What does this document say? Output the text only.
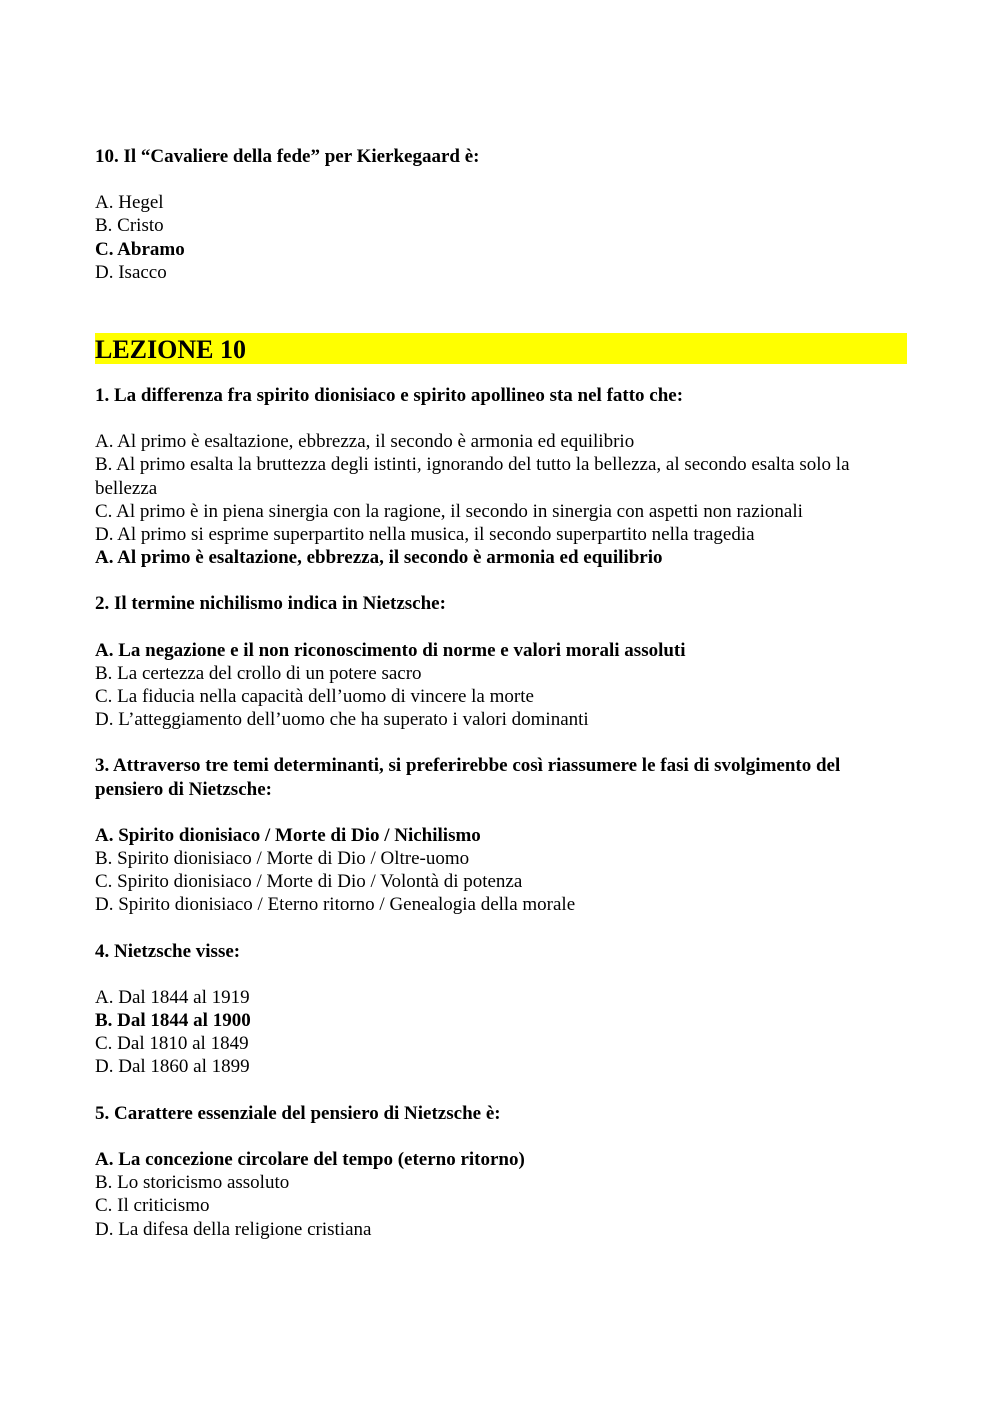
10. Il “Cavaliere della fede” per Kierkegaard è:
A. Hegel
B. Cristo
C. Abramo
D. Isacco
LEZIONE 10
1. La differenza fra spirito dionisiaco e spirito apollineo sta nel fatto che:
A. Al primo è esaltazione, ebbrezza, il secondo è armonia ed equilibrio
B. Al primo esalta la bruttezza degli istinti, ignorando del tutto la bellezza, al secondo esalta solo la bellezza
C. Al primo è in piena sinergia con la ragione, il secondo in sinergia con aspetti non razionali
D. Al primo si esprime superpartito nella musica, il secondo superpartito nella tragedia
A. Al primo è esaltazione, ebbrezza, il secondo è armonia ed equilibrio
2. Il termine nichilismo indica in Nietzsche:
A. La negazione e il non riconoscimento di norme e valori morali assoluti
B. La certezza del crollo di un potere sacro
C. La fiducia nella capacità dell’uomo di vincere la morte
D. L’atteggiamento dell’uomo che ha superato i valori dominanti
3. Attraverso tre temi determinanti, si preferirebbe così riassumere le fasi di svolgimento del pensiero di Nietzsche:
A. Spirito dionisiaco / Morte di Dio / Nichilismo
B. Spirito dionisiaco / Morte di Dio / Oltre-uomo
C. Spirito dionisiaco / Morte di Dio / Volontà di potenza
D. Spirito dionisiaco / Eterno ritorno / Genealogia della morale
4. Nietzsche visse:
A. Dal 1844 al 1919
B. Dal 1844 al 1900
C. Dal 1810 al 1849
D. Dal 1860 al 1899
5. Carattere essenziale del pensiero di Nietzsche è:
A. La concezione circolare del tempo (eterno ritorno)
B. Lo storicismo assoluto
C. Il criticismo
D. La difesa della religione cristiana
